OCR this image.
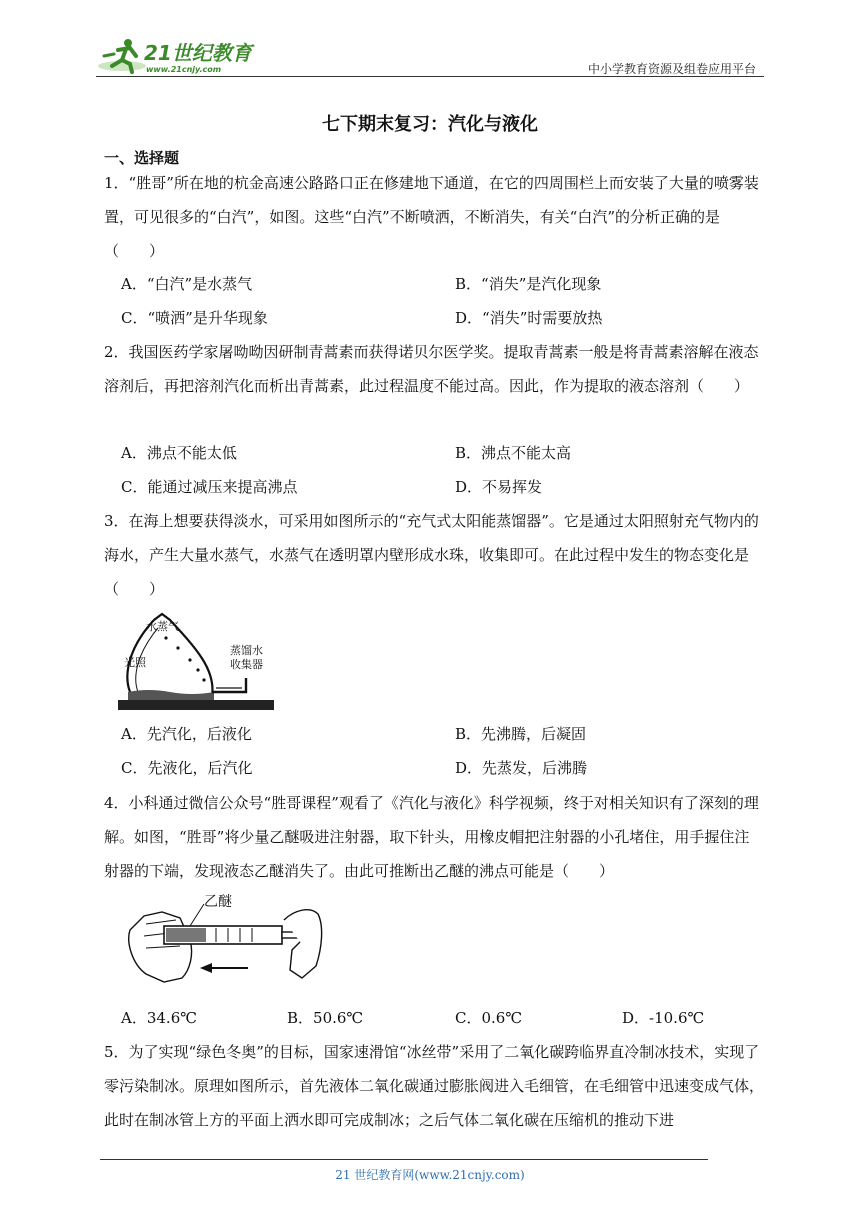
21世纪教育
www.21cnjy.com	中小学教育资源及组卷应用平台
七下期末复习：汽化与液化
一、选择题
1．“胜哥”所在地的杭金高速公路路口正在修建地下通道，在它的四周围栏上而安装了大量的喷雾装置，可见很多的“白汽”，如图。这些“白汽”不断喷洒，不断消失，有关“白汽”的分析正确的是（　　）
A．“白汽”是水蒸气	B．“消失”是汽化现象
C．“喷洒”是升华现象	D．“消失”时需要放热
2．我国医药学家屠呦呦因研制青蒿素而获得诺贝尔医学奖。提取青蒿素一般是将青蒿素溶解在液态溶剂后，再把溶剂汽化而析出青蒿素，此过程温度不能过高。因此，作为提取的液态溶剂（　　）
A．沸点不能太低	B．沸点不能太高
C．能通过减压来提高沸点	D．不易挥发
3．在海上想要获得淡水，可采用如图所示的“充气式太阳能蒸馏器”。它是通过太阳照射充气物内的海水，产生大量水蒸气，水蒸气在透明罩内壁形成水珠，收集即可。在此过程中发生的物态变化是（　　）
水蒸气
光照
蒸馏水
收集器
A．先汽化，后液化	B．先沸腾，后凝固
C．先液化，后汽化	D．先蒸发，后沸腾
4．小科通过微信公众号“胜哥课程”观看了《汽化与液化》科学视频，终于对相关知识有了深刻的理解。如图，“胜哥”将少量乙醚吸进注射器，取下针头，用橡皮帽把注射器的小孔堵住，用手握住注射器的下端，发现液态乙醚消失了。由此可推断出乙醚的沸点可能是（　　）
乙醚
A．34.6℃	B．50.6℃	C．0.6℃	D．-10.6℃
5．为了实现“绿色冬奥”的目标，国家速滑馆“冰丝带”采用了二氧化碳跨临界直冷制冰技术，实现了零污染制冰。原理如图所示，首先液体二氧化碳通过膨胀阀进入毛细管，在毛细管中迅速变成气体，此时在制冰管上方的平面上洒水即可完成制冰；之后气体二氧化碳在压缩机的推动下进
21 世纪教育网(www.21cnjy.com)
